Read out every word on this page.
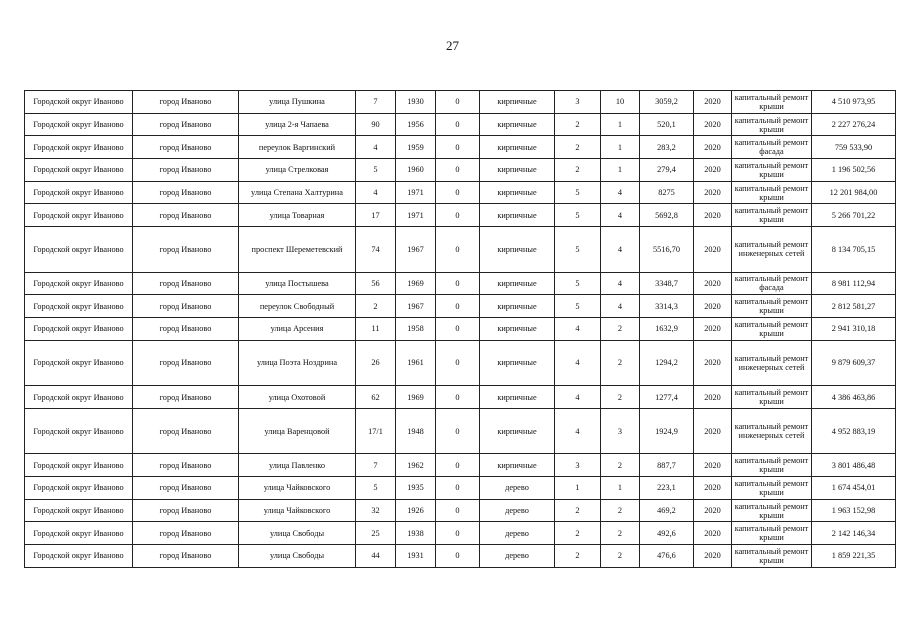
27
Городской округ Иваново	город Иваново	улица Пушкина	7	1930	0	кирпичные	3	10	3059,2	2020	капитальный ремонт крыши	4 510 973,95
Городской округ Иваново	город Иваново	улица 2-я Чапаева	90	1956	0	кирпичные	2	1	520,1	2020	капитальный ремонт крыши	2 227 276,24
Городской округ Иваново	город Иваново	переулок Варгинский	4	1959	0	кирпичные	2	1	283,2	2020	капитальный ремонт фасада	759 533,90
Городской округ Иваново	город Иваново	улица Стрелковая	5	1960	0	кирпичные	2	1	279,4	2020	капитальный ремонт крыши	1 196 502,56
Городской округ Иваново	город Иваново	улица Степана Халтурина	4	1971	0	кирпичные	5	4	8275	2020	капитальный ремонт крыши	12 201 984,00
Городской округ Иваново	город Иваново	улица Товарная	17	1971	0	кирпичные	5	4	5692,8	2020	капитальный ремонт крыши	5 266 701,22
Городской округ Иваново	город Иваново	проспект Шереметевский	74	1967	0	кирпичные	5	4	5516,70	2020	капитальный ремонт инженерных сетей	8 134 705,15
Городской округ Иваново	город Иваново	улица Постышева	56	1969	0	кирпичные	5	4	3348,7	2020	капитальный ремонт фасада	8 981 112,94
Городской округ Иваново	город Иваново	переулок Свободный	2	1967	0	кирпичные	5	4	3314,3	2020	капитальный ремонт крыши	2 812 581,27
Городской округ Иваново	город Иваново	улица Арсения	11	1958	0	кирпичные	4	2	1632,9	2020	капитальный ремонт крыши	2 941 310,18
Городской округ Иваново	город Иваново	улица Поэта Ноздрина	26	1961	0	кирпичные	4	2	1294,2	2020	капитальный ремонт инженерных сетей	9 879 609,37
Городской округ Иваново	город Иваново	улица Охотовой	62	1969	0	кирпичные	4	2	1277,4	2020	капитальный ремонт крыши	4 386 463,86
Городской округ Иваново	город Иваново	улица Варенцовой	17/1	1948	0	кирпичные	4	3	1924,9	2020	капитальный ремонт инженерных сетей	4 952 883,19
Городской округ Иваново	город Иваново	улица Павленко	7	1962	0	кирпичные	3	2	887,7	2020	капитальный ремонт крыши	3 801 486,48
Городской округ Иваново	город Иваново	улица Чайковского	5	1935	0	дерево	1	1	223,1	2020	капитальный ремонт крыши	1 674 454,01
Городской округ Иваново	город Иваново	улица Чайковского	32	1926	0	дерево	2	2	469,2	2020	капитальный ремонт крыши	1 963 152,98
Городской округ Иваново	город Иваново	улица Свободы	25	1938	0	дерево	2	2	492,6	2020	капитальный ремонт крыши	2 142 146,34
Городской округ Иваново	город Иваново	улица Свободы	44	1931	0	дерево	2	2	476,6	2020	капитальный ремонт крыши	1 859 221,35
